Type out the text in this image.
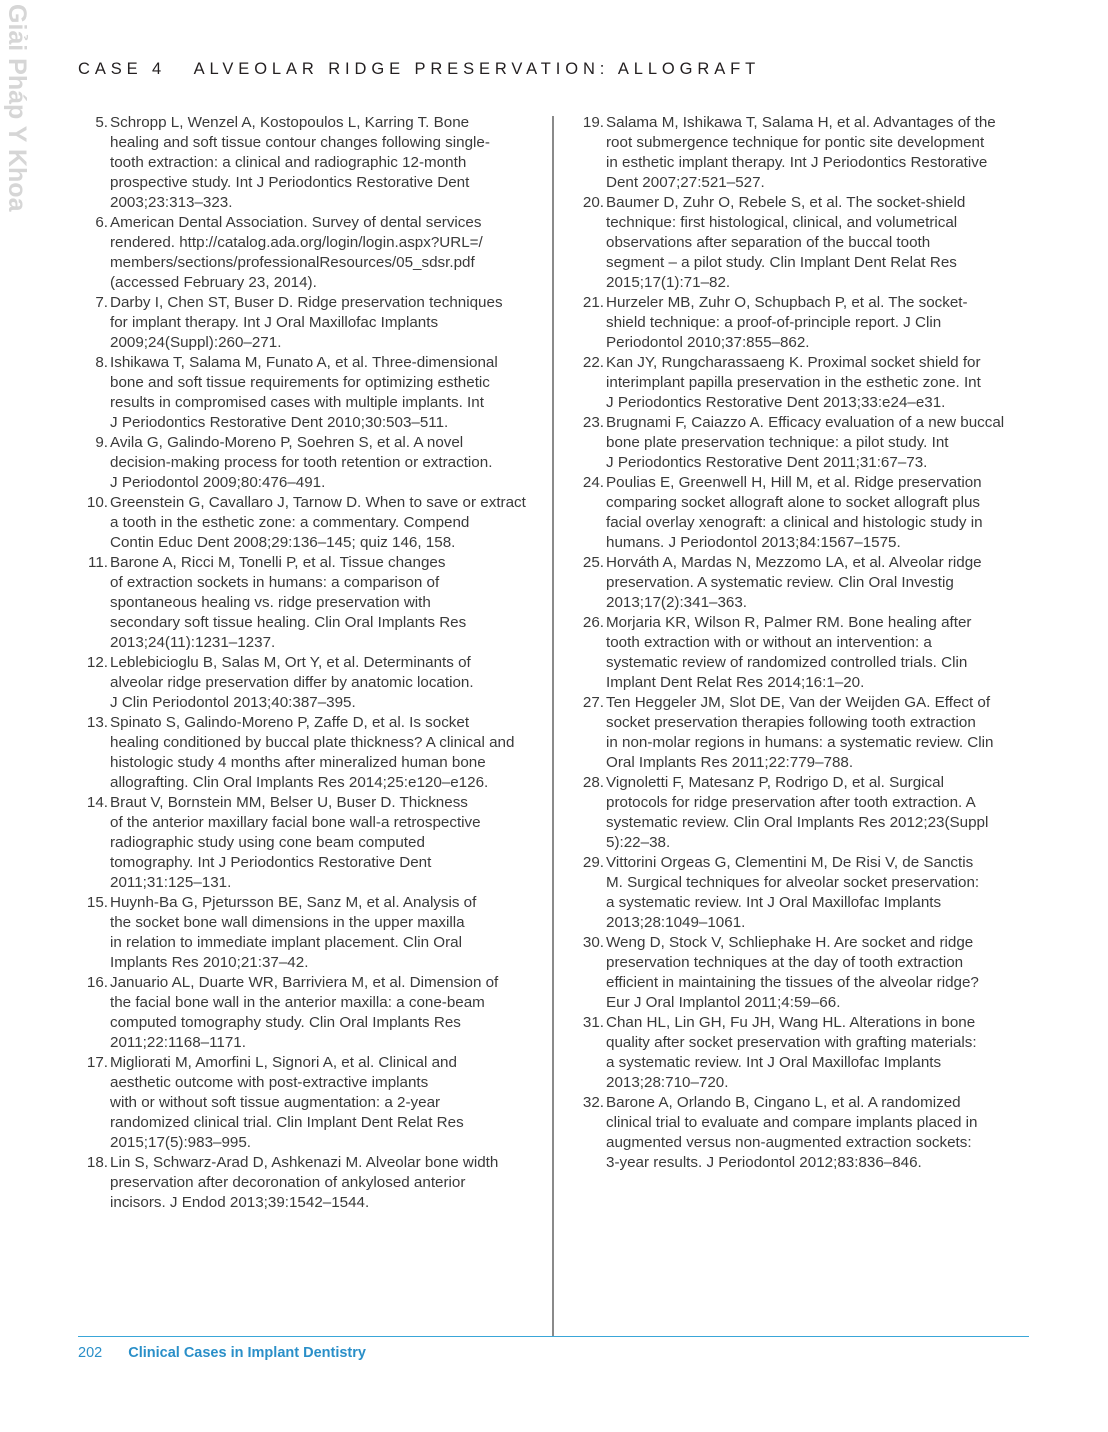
Giải Pháp Y Khoa	CASE 4   ALVEOLAR RIDGE PRESERVATION: ALLOGRAFT
5. Schropp L, Wenzel A, Kostopoulos L, Karring T. Bone
healing and soft tissue contour changes following single-
tooth extraction: a clinical and radiographic 12-month
prospective study. Int J Periodontics Restorative Dent
2003;23:313–323.
6. American Dental Association. Survey of dental services
rendered. http://catalog.ada.org/login/login.aspx?URL=/
members/sections/professionalResources/05_sdsr.pdf
(accessed February 23, 2014).
7. Darby I, Chen ST, Buser D. Ridge preservation techniques
for implant therapy. Int J Oral Maxillofac Implants
2009;24(Suppl):260–271.
8. Ishikawa T, Salama M, Funato A, et al. Three-dimensional
bone and soft tissue requirements for optimizing esthetic
results in compromised cases with multiple implants. Int
J Periodontics Restorative Dent 2010;30:503–511.
9. Avila G, Galindo-Moreno P, Soehren S, et al. A novel
decision-making process for tooth retention or extraction.
J Periodontol 2009;80:476–491.
10. Greenstein G, Cavallaro J, Tarnow D. When to save or extract
a tooth in the esthetic zone: a commentary. Compend
Contin Educ Dent 2008;29:136–145; quiz 146, 158.
11. Barone A, Ricci M, Tonelli P, et al. Tissue changes
of extraction sockets in humans: a comparison of
spontaneous healing vs. ridge preservation with
secondary soft tissue healing. Clin Oral Implants Res
2013;24(11):1231–1237.
12. Leblebicioglu B, Salas M, Ort Y, et al. Determinants of
alveolar ridge preservation differ by anatomic location.
J Clin Periodontol 2013;40:387–395.
13. Spinato S, Galindo-Moreno P, Zaffe D, et al. Is socket
healing conditioned by buccal plate thickness? A clinical and
histologic study 4 months after mineralized human bone
allografting. Clin Oral Implants Res 2014;25:e120–e126.
14. Braut V, Bornstein MM, Belser U, Buser D. Thickness
of the anterior maxillary facial bone wall-a retrospective
radiographic study using cone beam computed
tomography. Int J Periodontics Restorative Dent
2011;31:125–131.
15. Huynh-Ba G, Pjetursson BE, Sanz M, et al. Analysis of
the socket bone wall dimensions in the upper maxilla
in relation to immediate implant placement. Clin Oral
Implants Res 2010;21:37–42.
16. Januario AL, Duarte WR, Barriviera M, et al. Dimension of
the facial bone wall in the anterior maxilla: a cone-beam
computed tomography study. Clin Oral Implants Res
2011;22:1168–1171.
17. Migliorati M, Amorfini L, Signori A, et al. Clinical and
aesthetic outcome with post-extractive implants
with or without soft tissue augmentation: a 2-year
randomized clinical trial. Clin Implant Dent Relat Res
2015;17(5):983–995.
18. Lin S, Schwarz-Arad D, Ashkenazi M. Alveolar bone width
preservation after decoronation of ankylosed anterior
incisors. J Endod 2013;39:1542–1544.
19. Salama M, Ishikawa T, Salama H, et al. Advantages of the
root submergence technique for pontic site development
in esthetic implant therapy. Int J Periodontics Restorative
Dent 2007;27:521–527.
20. Baumer D, Zuhr O, Rebele S, et al. The socket-shield
technique: first histological, clinical, and volumetrical
observations after separation of the buccal tooth
segment – a pilot study. Clin Implant Dent Relat Res
2015;17(1):71–82.
21. Hurzeler MB, Zuhr O, Schupbach P, et al. The socket-
shield technique: a proof-of-principle report. J Clin
Periodontol 2010;37:855–862.
22. Kan JY, Rungcharassaeng K. Proximal socket shield for
interimplant papilla preservation in the esthetic zone. Int
J Periodontics Restorative Dent 2013;33:e24–e31.
23. Brugnami F, Caiazzo A. Efficacy evaluation of a new buccal
bone plate preservation technique: a pilot study. Int
J Periodontics Restorative Dent 2011;31:67–73.
24. Poulias E, Greenwell H, Hill M, et al. Ridge preservation
comparing socket allograft alone to socket allograft plus
facial overlay xenograft: a clinical and histologic study in
humans. J Periodontol 2013;84:1567–1575.
25. Horváth A, Mardas N, Mezzomo LA, et al. Alveolar ridge
preservation. A systematic review. Clin Oral Investig
2013;17(2):341–363.
26. Morjaria KR, Wilson R, Palmer RM. Bone healing after
tooth extraction with or without an intervention: a
systematic review of randomized controlled trials. Clin
Implant Dent Relat Res 2014;16:1–20.
27. Ten Heggeler JM, Slot DE, Van der Weijden GA. Effect of
socket preservation therapies following tooth extraction
in non-molar regions in humans: a systematic review. Clin
Oral Implants Res 2011;22:779–788.
28. Vignoletti F, Matesanz P, Rodrigo D, et al. Surgical
protocols for ridge preservation after tooth extraction. A
systematic review. Clin Oral Implants Res 2012;23(Suppl
5):22–38.
29. Vittorini Orgeas G, Clementini M, De Risi V, de Sanctis
M. Surgical techniques for alveolar socket preservation:
a systematic review. Int J Oral Maxillofac Implants
2013;28:1049–1061.
30. Weng D, Stock V, Schliephake H. Are socket and ridge
preservation techniques at the day of tooth extraction
efficient in maintaining the tissues of the alveolar ridge?
Eur J Oral Implantol 2011;4:59–66.
31. Chan HL, Lin GH, Fu JH, Wang HL. Alterations in bone
quality after socket preservation with grafting materials:
a systematic review. Int J Oral Maxillofac Implants
2013;28:710–720.
32. Barone A, Orlando B, Cingano L, et al. A randomized
clinical trial to evaluate and compare implants placed in
augmented versus non-augmented extraction sockets:
3-year results. J Periodontol 2012;83:836–846.
202 Clinical Cases in Implant Dentistry
